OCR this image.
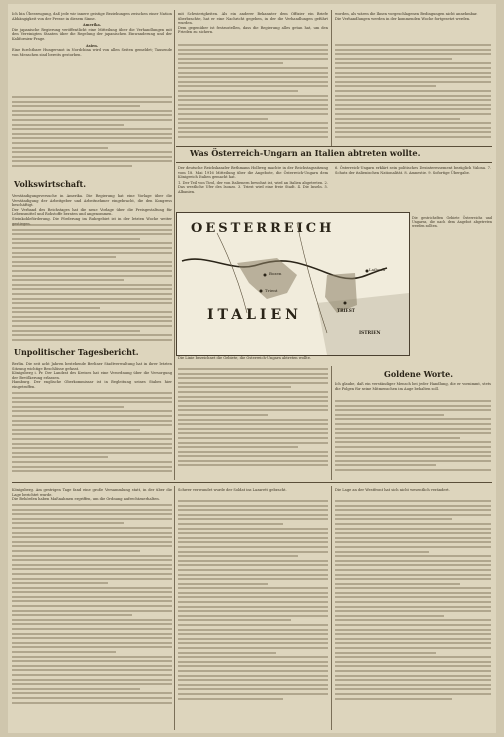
Ich bin Überzeugung, daß jede wir innere geistige Beziehungen zwischen einer Nation Abhängigkeit von der Presse in diesem Sinne.

Amerika.

Die japanische Regierung veröffentlicht eine Mitteilung über die Verhandlungen mit den Vereinigten Staaten über die Regelung der japanischen Einwanderung und der Kalifornien-Frage.

Asien.

Eine furchtbare Hungersnot in Nordchina wird von allen Seiten gemeldet; Tausende von Menschen sind bereits gestorben.

Volkswirtschaft.

Verständigungsversuche in Amerika. Die Regierung hat eine Vorlage über die Verständigung der Arbeitgeber und Arbeitnehmer eingebracht, die den Kongress beschäftigt.

Der Verband des Reichstages hat die neue Vorlage über die Preisgestaltung für Lebensmittel und Rohstoffe beraten und angenommen.

Steinkohleförderung. Die Förderung im Ruhrgebiet ist in der letzten Woche weiter

Unpolitischer Tagesbericht.

Berlin. Die seit acht Jahren bestehende Berliner Stadtverwaltung hat in ihrer letzten Sitzung wichtige Beschlüsse gefasst.

Königsberg i. Pr. Der Landrat des Kreises hat eine Verordnung über die Versorgung der Bevölkerung erlassen.

Hamburg. Der englische Oberkommissar ist in Begleitung seines Stabes hier eingetroffen.

mit Schwierigkeiten. Als ein anderer Bekannter dem Offizier ein Briefe überbrachte, hat er eine Nachricht gegeben, in der die Verhandlungen geführt wurden.

Dem gegenüber ist festzustellen, dass die Regierung alles getan hat, um den Frieden zu sichern.

worden, als wären die Ihnen vorgeschlagenen Bedingungen nicht annehmbar.

Die Verhandlungen werden in der kommenden Woche fortgesetzt werden.

Was Österreich-Ungarn an Italien abtreten wollte.

Der deutsche Reichskanzler Bethmann Hollweg machte in der Reichstagssitzung vom 18. Mai 1916 Mitteilung über die Angebote, die Österreich-Ungarn dem Königreich Italien gemacht hat.

1. Der Teil von Tirol, der von Italienern bewohnt ist, wird an Italien abgetreten. 2. Das westliche Ufer des Isonzo. 3. Triest wird eine freie Stadt. 4. Die Inseln. 5. Albanien.

6. Österreich-Ungarn erklärt sein politisches Desinteressement bezüglich Valona. 7. Schutz der italienischen Nationalität. 8. Amnestie. 9. Sofortige Übergabe.

OESTERREICH
ITALIEN
Bozen
Trient
TRIEST
Laibach
ISTRIEN
Die gestrichelten Gebiete Österreichs und Ungarns, die nach dem Angebot abgetreten werden sollten.

Die Linie bezeichnet die Gebiete, die Österreich-Ungarn abtreten wollte.

Goldene Worte.

Ich glaube, daß ein verständiger Mensch bei jeder Handlung, die er vornimmt, stets die Folgen für seine Mitmenschen im Auge behalten soll.

Königsberg. Am gestrigen Tage fand eine große Versammlung statt, in der über die Lage berichtet wurde.

Die Behörden haben Maßnahmen ergriffen, um die Ordnung aufrechtzuerhalten.

Schwer verwundet wurde der Soldat ins Lazarett gebracht.	Die Lage an der Westfront hat sich nicht wesentlich verändert.
